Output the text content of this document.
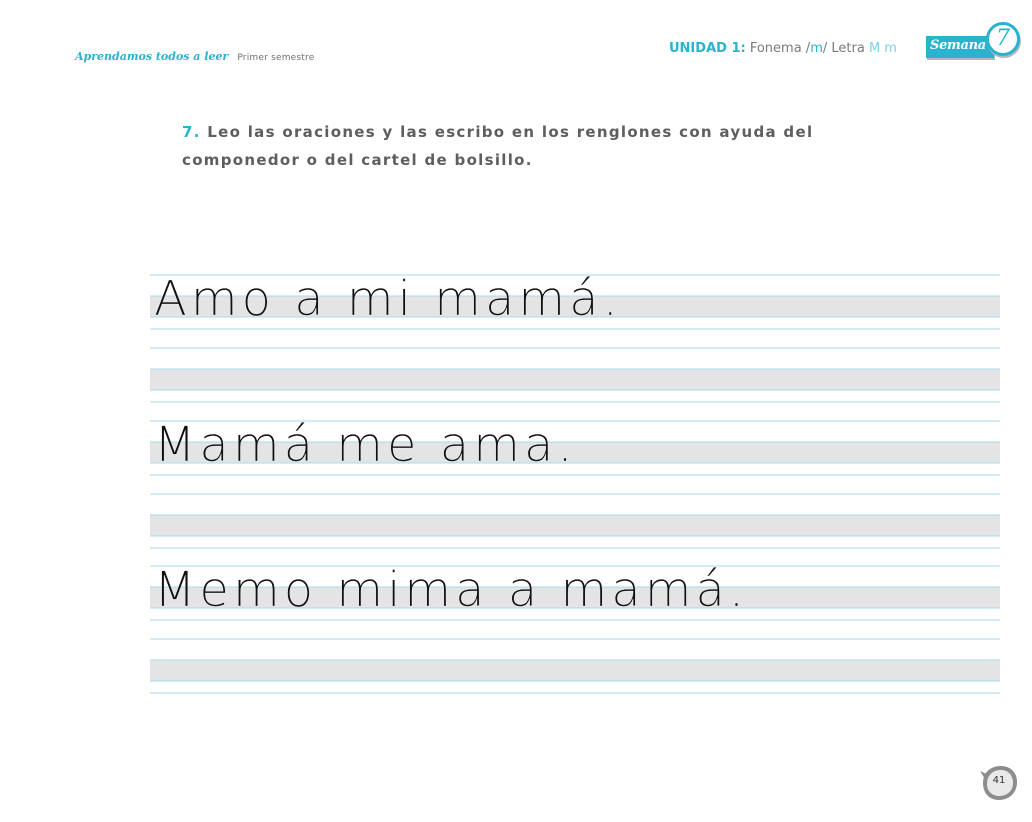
Aprendamos todos a leer Primer semestre
UNIDAD 1: Fonema /m/ Letra M m	Semana 7
7. Leo las oraciones y las escribo en los renglones con ayuda del componedor o del cartel de bolsillo.
Amo a mi mamá.
Mamá me ama.
Memo mima a mamá.
41
